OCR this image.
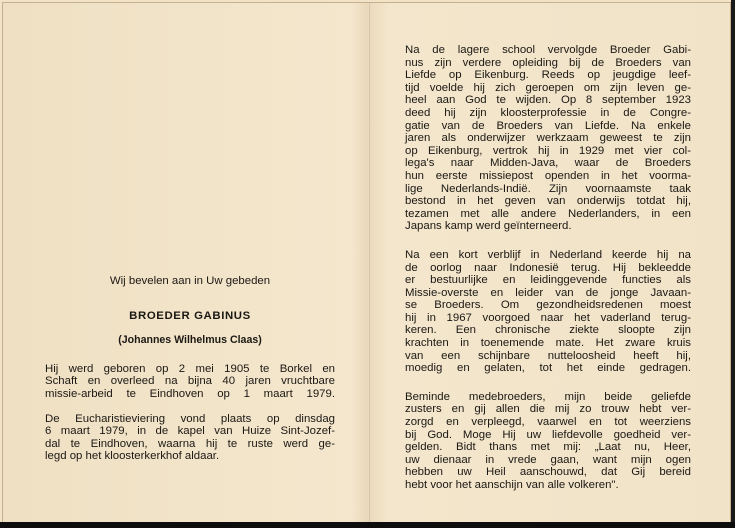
Wij bevelen aan in Uw gebeden

BROEDER GABINUS

(Johannes Wilhelmus Claas)

Hij werd geboren op 2 mei 1905 te Borkel en
Schaft en overleed na bijna 40 jaren vruchtbare
missie-arbeid te Eindhoven op 1 maart 1979.

De Eucharistieviering vond plaats op dinsdag
6 maart 1979, in de kapel van Huize Sint-Jozef-
dal te Eindhoven, waarna hij te ruste werd ge-
legd op het kloosterkerkhof aldaar.

Na de lagere school vervolgde Broeder Gabi-
nus zijn verdere opleiding bij de Broeders van
Liefde op Eikenburg. Reeds op jeugdige leef-
tijd voelde hij zich geroepen om zijn leven ge-
heel aan God te wijden. Op 8 september 1923
deed hij zijn kloosterprofessie in de Congre-
gatie van de Broeders van Liefde. Na enkele
jaren als onderwijzer werkzaam geweest te zijn
op Eikenburg, vertrok hij in 1929 met vier col-
lega's naar Midden-Java, waar de Broeders
hun eerste missiepost openden in het voorma-
lige Nederlands-Indië. Zijn voornaamste taak
bestond in het geven van onderwijs totdat hij,
tezamen met alle andere Nederlanders, in een
Japans kamp werd geïnterneerd.

Na een kort verblijf in Nederland keerde hij na
de oorlog naar Indonesië terug. Hij bekleedde
er bestuurlijke en leidinggevende functies als
Missie-overste en leider van de jonge Javaan-
se Broeders. Om gezondheidsredenen moest
hij in 1967 voorgoed naar het vaderland terug-
keren. Een chronische ziekte sloopte zijn
krachten in toenemende mate. Het zware kruis
van een schijnbare nutteloosheid heeft hij,
moedig en gelaten, tot het einde gedragen.

Beminde medebroeders, mijn beide geliefde
zusters en gij allen die mij zo trouw hebt ver-
zorgd en verpleegd, vaarwel en tot weerziens
bij God. Moge Hij uw liefdevolle goedheid ver-
gelden. Bidt thans met mij: „Laat nu, Heer,
uw dienaar in vrede gaan, want mijn ogen
hebben uw Heil aanschouwd, dat Gij bereid
hebt voor het aanschijn van alle volkeren".
